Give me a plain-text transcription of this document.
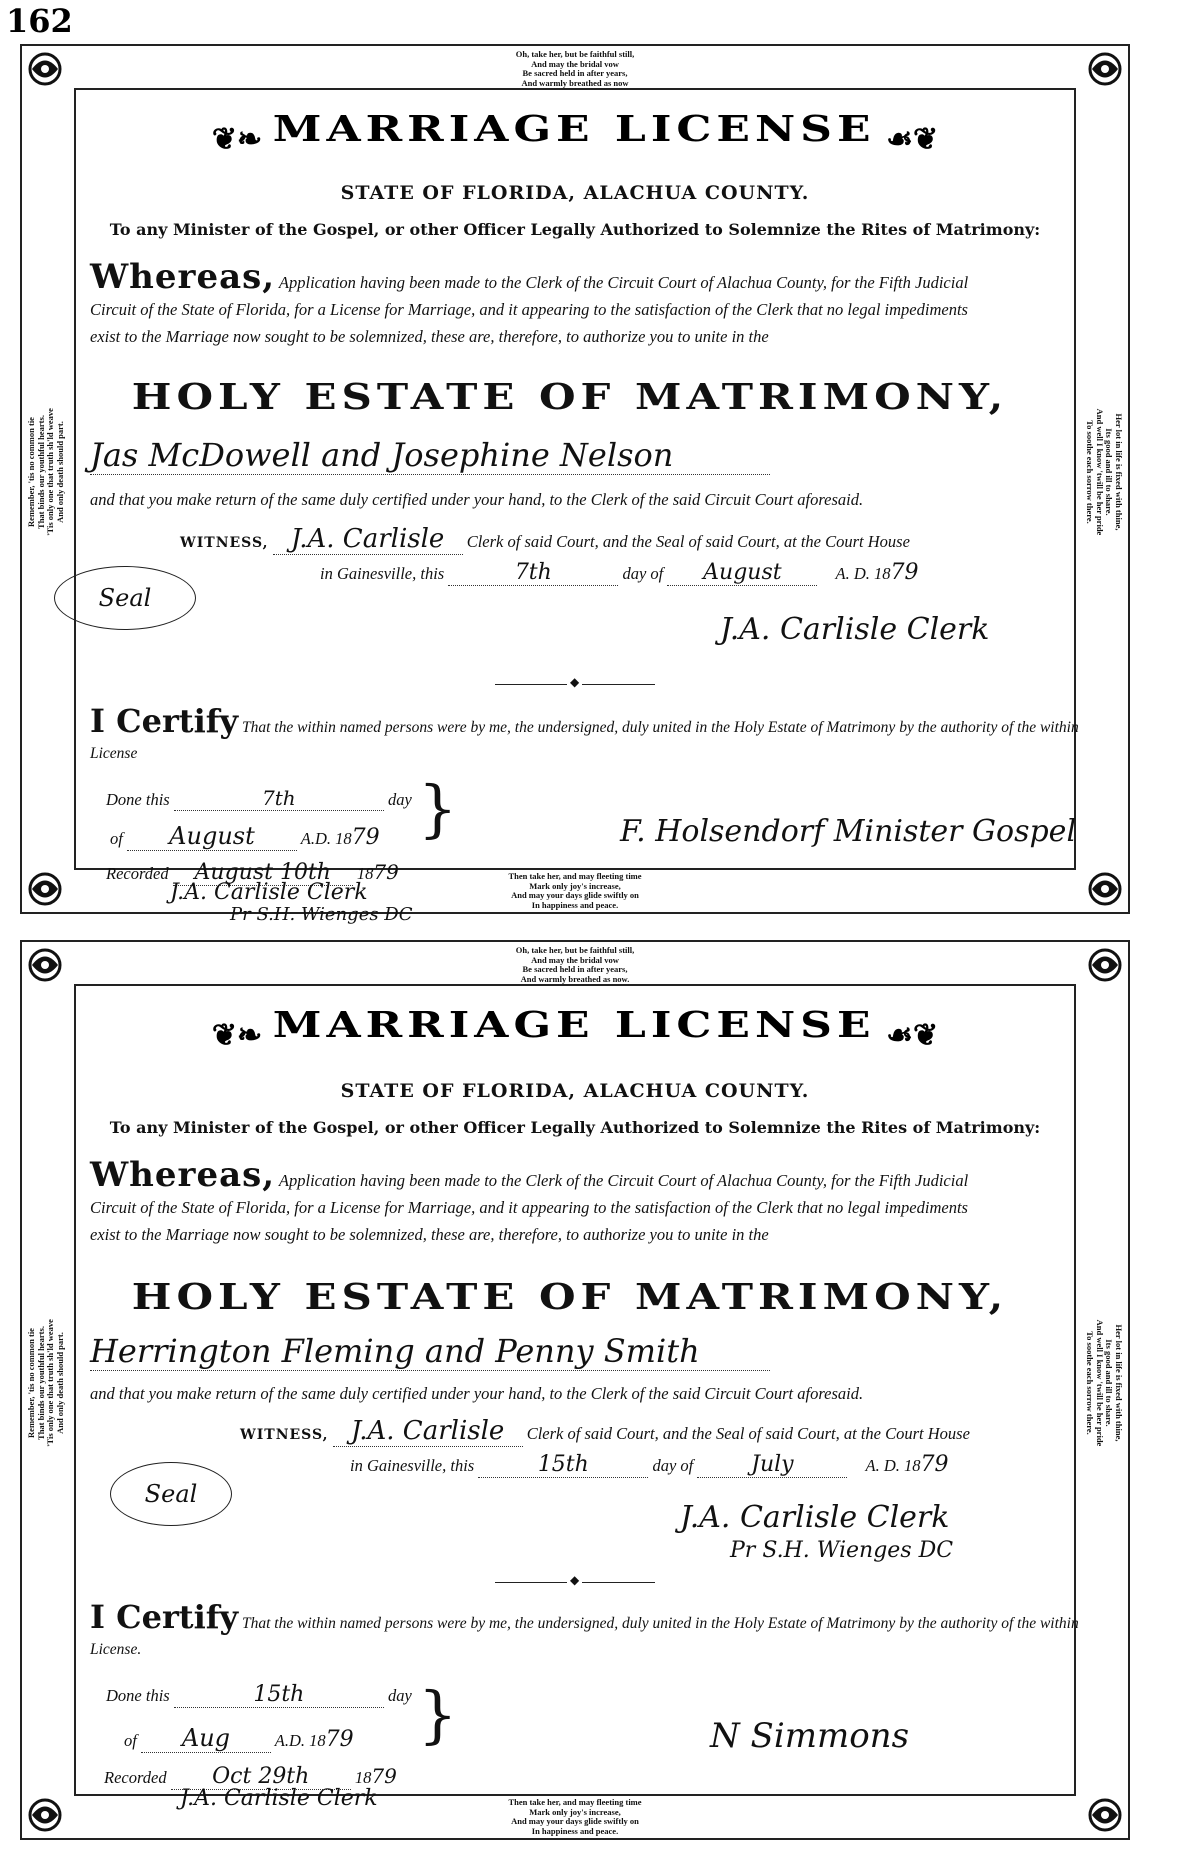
162
Oh, take her, but be faithful still,
And may the bridal vow
Be sacred held in after years,
And warmly breathed as now
Then take her, and may fleeting time
Mark only joy's increase,
And may your days glide swiftly on
In happiness and peace.
Remember, 'tis no common tie
That binds our youthful hearts.
'Tis only one that truth sh'ld weave
And only death should part.
Her lot in life is fixed with thine,
Its good and ill to share.
And well I know 'twill be her pride
To soothe each sorrow there.
❦❧ MARRIAGE LICENSE ☙❦
STATE OF FLORIDA, ALACHUA COUNTY.
To any Minister of the Gospel, or other Officer Legally Authorized to Solemnize the Rites of Matrimony:
Whereas, Application having been made to the Clerk of the Circuit Court of Alachua County, for the Fifth Judicial Circuit of the State of Florida, for a License for Marriage, and it appearing to the satisfaction of the Clerk that no legal impediments exist to the Marriage now sought to be solemnized, these are, therefore, to authorize you to unite in the
HOLY ESTATE OF MATRIMONY,
Jas McDowell and Josephine Nelson
and that you make return of the same duly certified under your hand, to the Clerk of the said Circuit Court aforesaid.
WITNESS, J.A. Carlisle Clerk of said Court, and the Seal of said Court, at the Court House
in Gainesville, this	7th	day of August	A. D. 1879
Seal
J.A. Carlisle Clerk
◆
I Certify That the within named persons were by me, the undersigned, duly united in the Holy Estate of Matrimony by the authority of the within License
Done this	7th	day
of August	A.D. 1879 }	F. Holsendorf Minister Gospel
Recorded August 10th 1879
J.A. Carlisle Clerk
Pr S.H. Wienges DC
Oh, take her, but be faithful still,
And may the bridal vow
Be sacred held in after years,
And warmly breathed as now.
Then take her, and may fleeting time
Mark only joy's increase,
And may your days glide swiftly on
In happiness and peace.
Remember, 'tis no common tie
That binds our youthful hearts.
'Tis only one that truth sh'ld weave
And only death should part.
Her lot in life is fixed with thine,
Its good and ill to share.
And well I know 'twill be her pride
To soothe each sorrow there.
❦❧ MARRIAGE LICENSE ☙❦
STATE OF FLORIDA, ALACHUA COUNTY.
To any Minister of the Gospel, or other Officer Legally Authorized to Solemnize the Rites of Matrimony:
Whereas, Application having been made to the Clerk of the Circuit Court of Alachua County, for the Fifth Judicial Circuit of the State of Florida, for a License for Marriage, and it appearing to the satisfaction of the Clerk that no legal impediments exist to the Marriage now sought to be solemnized, these are, therefore, to authorize you to unite in the
HOLY ESTATE OF MATRIMONY,
Herrington Fleming and Penny Smith
and that you make return of the same duly certified under your hand, to the Clerk of the said Circuit Court aforesaid.
WITNESS, J.A. Carlisle Clerk of said Court, and the Seal of said Court, at the Court House
in Gainesville, this	15th	day of	July	A. D. 1879
Seal
J.A. Carlisle Clerk
Pr S.H. Wienges DC
◆
I Certify That the within named persons were by me, the undersigned, duly united in the Holy Estate of Matrimony by the authority of the within License.
Done this	15th	day
of Aug	A.D. 1879 }	N Simmons
Recorded Oct 29th	1879
J.A. Carlisle Clerk
